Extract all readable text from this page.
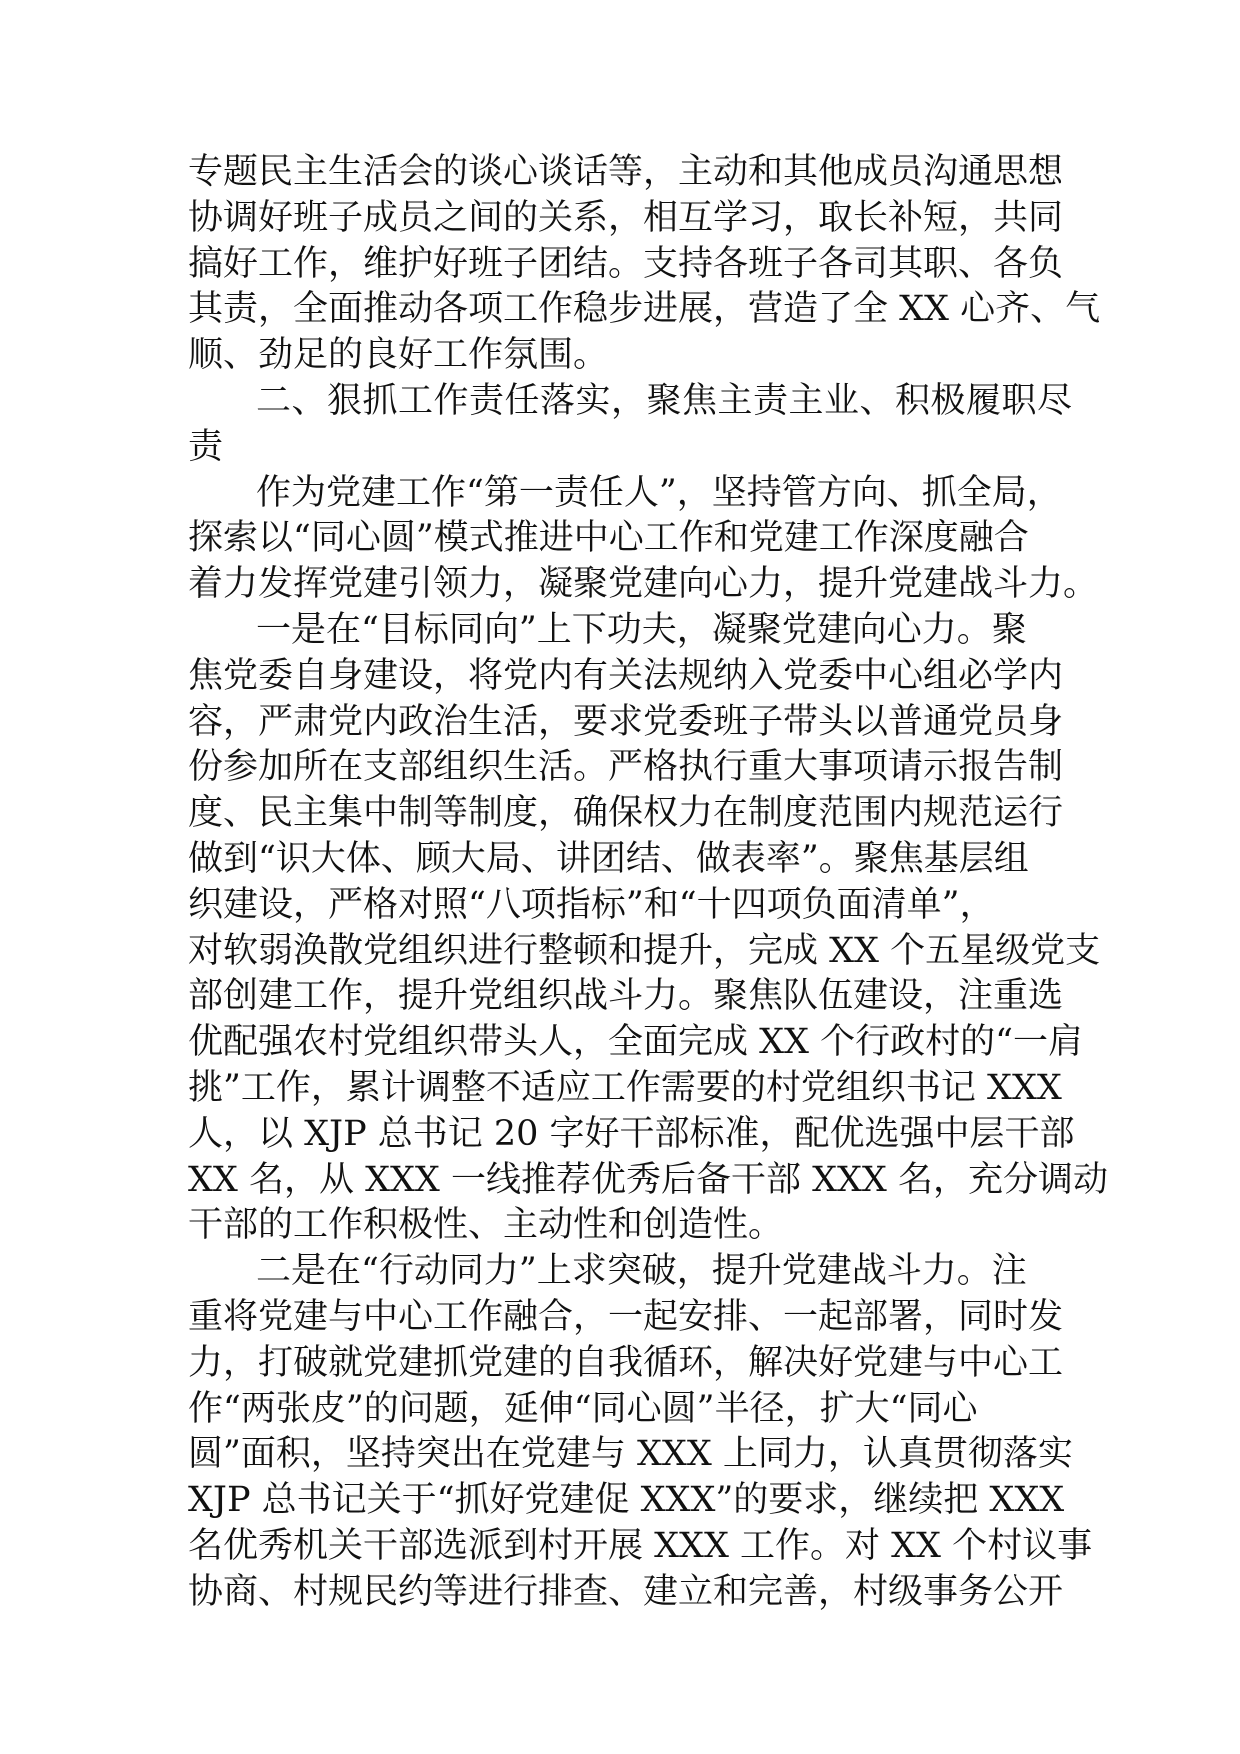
专题民主生活会的谈心谈话等，主动和其他成员沟通思想
协调好班子成员之间的关系，相互学习，取长补短，共同
搞好工作，维护好班子团结。支持各班子各司其职、各负
其责，全面推动各项工作稳步进展，营造了全 XX 心齐、气
顺、劲足的良好工作氛围。
二、狠抓工作责任落实，聚焦主责主业、积极履职尽
责
作为党建工作“第一责任人”，坚持管方向、抓全局，
探索以“同心圆”模式推进中心工作和党建工作深度融合
着力发挥党建引领力，凝聚党建向心力，提升党建战斗力。
一是在“目标同向”上下功夫，凝聚党建向心力。聚
焦党委自身建设，将党内有关法规纳入党委中心组必学内
容，严肃党内政治生活，要求党委班子带头以普通党员身
份参加所在支部组织生活。严格执行重大事项请示报告制
度、民主集中制等制度，确保权力在制度范围内规范运行
做到“识大体、顾大局、讲团结、做表率”。聚焦基层组
织建设，严格对照“八项指标”和“十四项负面清单”，
对软弱涣散党组织进行整顿和提升，完成 XX 个五星级党支
部创建工作，提升党组织战斗力。聚焦队伍建设，注重选
优配强农村党组织带头人，全面完成 XX 个行政村的“一肩
挑”工作，累计调整不适应工作需要的村党组织书记 XXX
人，以 XJP 总书记 20 字好干部标准，配优选强中层干部
XX 名，从 XXX 一线推荐优秀后备干部 XXX 名，充分调动
干部的工作积极性、主动性和创造性。
二是在“行动同力”上求突破，提升党建战斗力。注
重将党建与中心工作融合，一起安排、一起部署，同时发
力，打破就党建抓党建的自我循环，解决好党建与中心工
作“两张皮”的问题，延伸“同心圆”半径，扩大“同心
圆”面积，坚持突出在党建与 XXX 上同力，认真贯彻落实
XJP 总书记关于“抓好党建促 XXX”的要求，继续把 XXX
名优秀机关干部选派到村开展 XXX 工作。对 XX 个村议事
协商、村规民约等进行排查、建立和完善，村级事务公开
